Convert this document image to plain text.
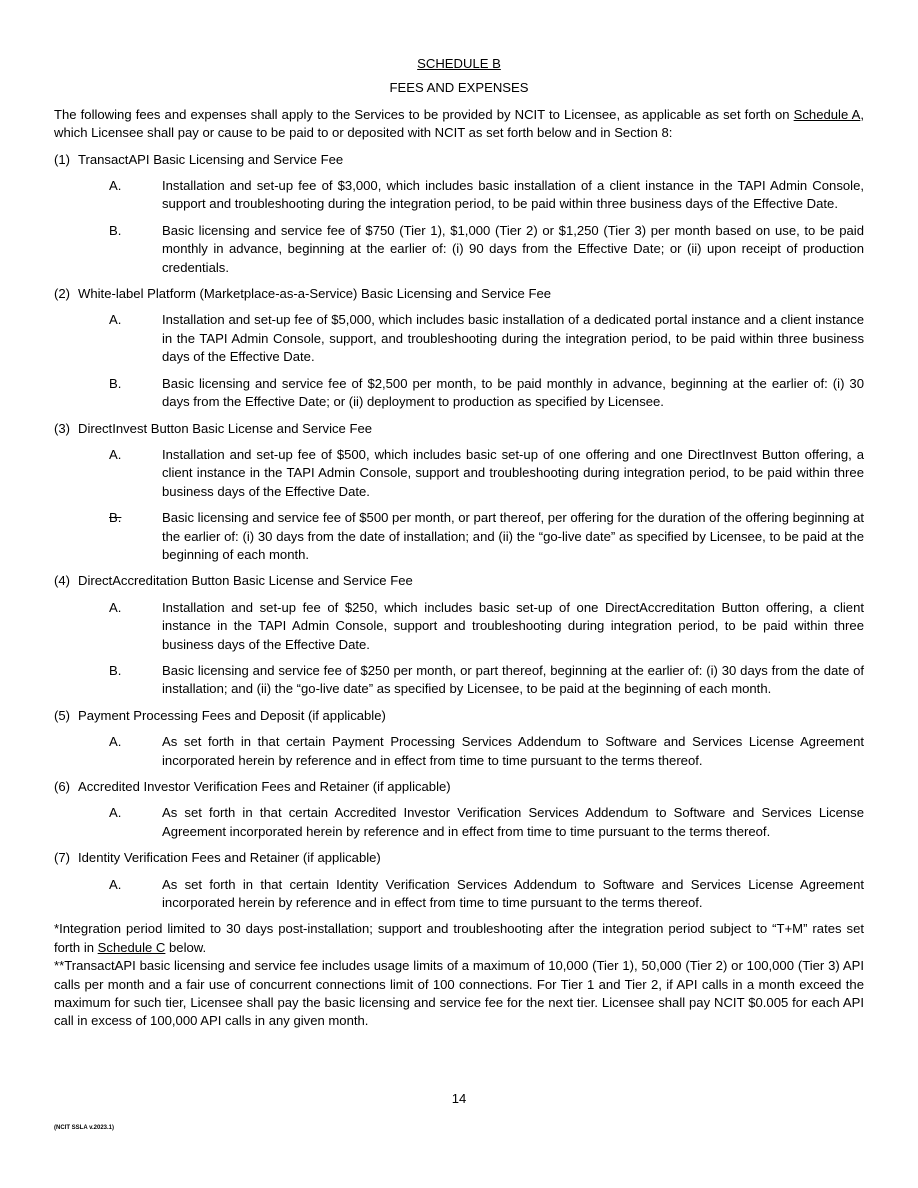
SCHEDULE B

FEES AND EXPENSES

The following fees and expenses shall apply to the Services to be provided by NCIT to Licensee, as applicable as set forth on Schedule A, which Licensee shall pay or cause to be paid to or deposited with NCIT as set forth below and in Section 8:

(1) TransactAPI Basic Licensing and Service Fee
A.	Installation and set-up fee of $3,000, which includes basic installation of a client instance in the TAPI Admin Console, support and troubleshooting during the integration period, to be paid within three business days of the Effective Date.
B.	Basic licensing and service fee of $750 (Tier 1), $1,000 (Tier 2) or $1,250 (Tier 3) per month based on use, to be paid monthly in advance, beginning at the earlier of: (i) 90 days from the Effective Date; or (ii) upon receipt of production credentials.
(2) White-label Platform (Marketplace-as-a-Service) Basic Licensing and Service Fee
A.	Installation and set-up fee of $5,000, which includes basic installation of a dedicated portal instance and a client instance in the TAPI Admin Console, support, and troubleshooting during the integration period, to be paid within three business days of the Effective Date.
B.	Basic licensing and service fee of $2,500 per month, to be paid monthly in advance, beginning at the earlier of: (i) 30 days from the Effective Date; or (ii) deployment to production as specified by Licensee.
(3) DirectInvest Button Basic License and Service Fee
A.	Installation and set-up fee of $500, which includes basic set-up of one offering and one DirectInvest Button offering, a client instance in the TAPI Admin Console, support and troubleshooting during integration period, to be paid within three business days of the Effective Date.
B.	Basic licensing and service fee of $500 per month, or part thereof, per offering for the duration of the offering beginning at the earlier of: (i) 30 days from the date of installation; and (ii) the “go-live date” as specified by Licensee, to be paid at the beginning of each month.
(4) DirectAccreditation Button Basic License and Service Fee
A.	Installation and set-up fee of $250, which includes basic set-up of one DirectAccreditation Button offering, a client instance in the TAPI Admin Console, support and troubleshooting during integration period, to be paid within three business days of the Effective Date.
B.	Basic licensing and service fee of $250 per month, or part thereof, beginning at the earlier of: (i) 30 days from the date of installation; and (ii) the “go-live date” as specified by Licensee, to be paid at the beginning of each month.
(5) Payment Processing Fees and Deposit (if applicable)
A.	As set forth in that certain Payment Processing Services Addendum to Software and Services License Agreement incorporated herein by reference and in effect from time to time pursuant to the terms thereof.
(6) Accredited Investor Verification Fees and Retainer (if applicable)
A.	As set forth in that certain Accredited Investor Verification Services Addendum to Software and Services License Agreement incorporated herein by reference and in effect from time to time pursuant to the terms thereof.
(7) Identity Verification Fees and Retainer (if applicable)
A.	As set forth in that certain Identity Verification Services Addendum to Software and Services License Agreement incorporated herein by reference and in effect from time to time pursuant to the terms thereof.

*Integration period limited to 30 days post-installation; support and troubleshooting after the integration period subject to “T+M” rates set forth in Schedule C below.

**TransactAPI basic licensing and service fee includes usage limits of a maximum of 10,000 (Tier 1), 50,000 (Tier 2) or 100,000 (Tier 3) API calls per month and a fair use of concurrent connections limit of 100 connections. For Tier 1 and Tier 2, if API calls in a month exceed the maximum for such tier, Licensee shall pay the basic licensing and service fee for the next tier. Licensee shall pay NCIT $0.005 for each API call in excess of 100,000 API calls in any given month.

14
(NCIT SSLA v.2023.1)
